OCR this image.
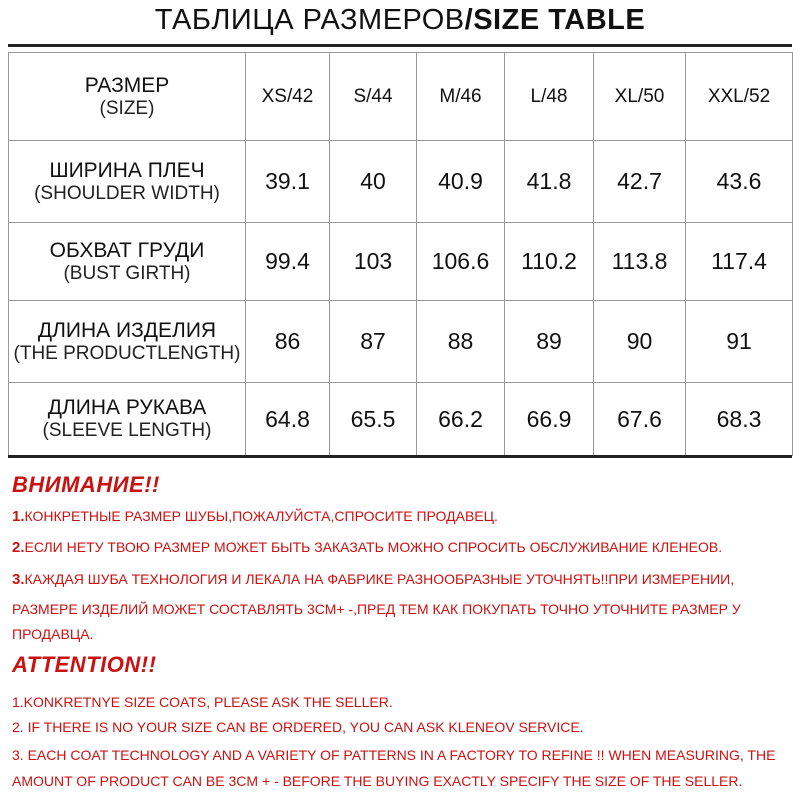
ТАБЛИЦА РАЗМЕРОВ/SIZE TABLE
РАЗМЕР
(SIZE)	XS/42	S/44	M/46	L/48	XL/50	XXL/52

ШИРИНА ПЛЕЧ
(SHOULDER WIDTH)	39.1	40	40.9	41.8	42.7	43.6

ОБХВАТ ГРУДИ
(BUST GIRTH)	99.4	103	106.6	110.2	113.8	117.4

ДЛИНА ИЗДЕЛИЯ
(THE PRODUCTLENGTH)	86	87	88	89	90	91

ДЛИНА РУКАВА
(SLEEVE LENGTH)	64.8	65.5	66.2	66.9	67.6	68.3
ВНИМАНИЕ!!
1.КОНКРЕТНЫЕ РАЗМЕР ШУБЫ,ПОЖАЛУЙСТА,СПРОСИТЕ ПРОДАВЕЦ.
2.ЕСЛИ НЕТУ ТВОЮ РАЗМЕР МОЖЕТ БЫТЬ ЗАКАЗАТЬ МОЖНО СПРОСИТЬ ОБСЛУЖИВАНИЕ КЛЕНЕОВ.
3.КАЖДАЯ ШУБА ТЕХНОЛОГИЯ И ЛЕКАЛА НА ФАБРИКЕ РАЗНООБРАЗНЫЕ УТОЧНЯТЬ!!ПРИ ИЗМЕРЕНИИ,
РАЗМЕРЕ ИЗДЕЛИЙ МОЖЕТ СОСТАВЛЯТЬ 3СМ+ -,ПРЕД ТЕМ КАК ПОКУПАТЬ ТОЧНО УТОЧНИТЕ РАЗМЕР У
ПРОДАВЦА.
ATTENTION!!
1.KONKRETNYE SIZE COATS, PLEASE ASK THE SELLER.
2. IF THERE IS NO YOUR SIZE CAN BE ORDERED, YOU CAN ASK KLENEOV SERVICE.
3. EACH COAT TECHNOLOGY AND A VARIETY OF PATTERNS IN A FACTORY TO REFINE !! WHEN MEASURING, THE
AMOUNT OF PRODUCT CAN BE 3CM + - BEFORE THE BUYING EXACTLY SPECIFY THE SIZE OF THE SELLER.
